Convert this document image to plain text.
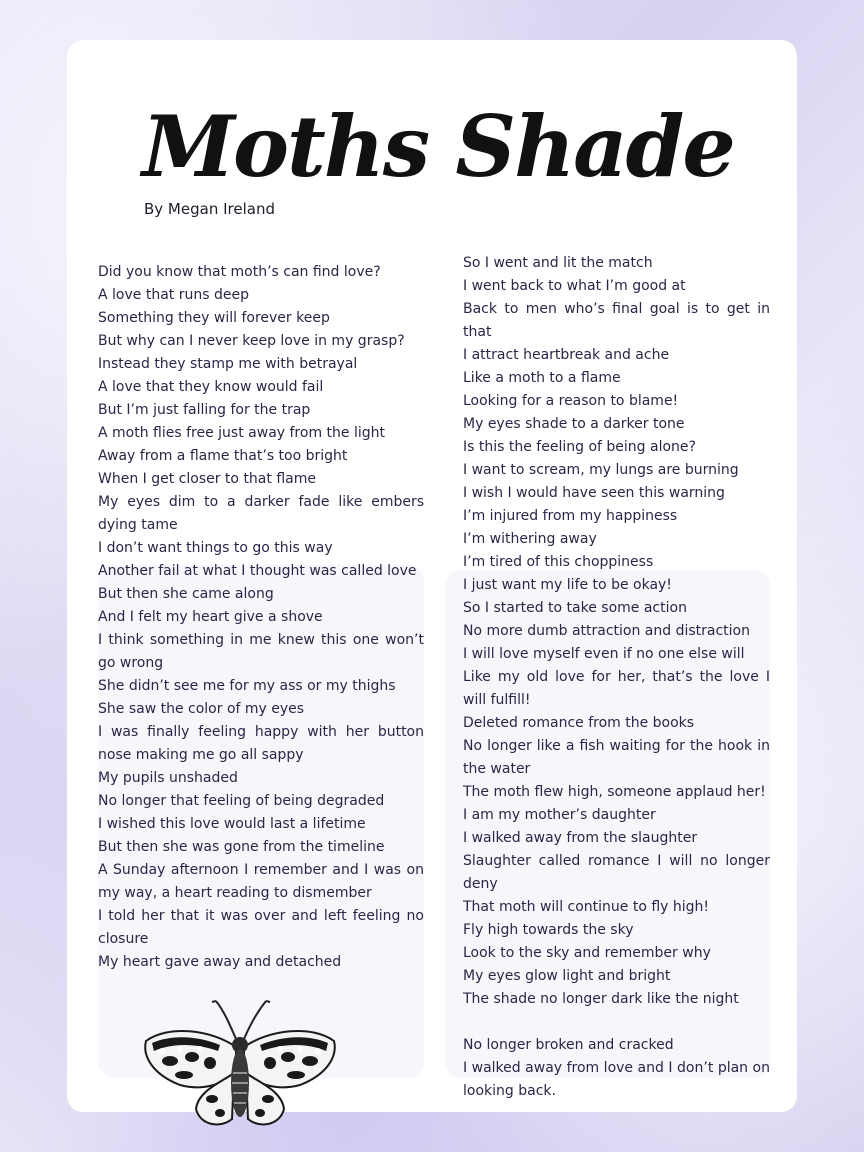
Moths Shade
By Megan Ireland
Did you know that moth’s can find love?
A love that runs deep
Something they will forever keep
But why can I never keep love in my grasp?
Instead they stamp me with betrayal
A love that they know would fail
But I’m just falling for the trap
A moth flies free just away from the light
Away from a flame that’s too bright
When I get closer to that flame
My eyes dim to a darker fade like embers dying tame
I don’t want things to go this way
Another fail at what I thought was called love
But then she came along
And I felt my heart give a shove
I think something in me knew this one won’t go wrong
She didn’t see me for my ass or my thighs
She saw the color of my eyes
I was finally feeling happy with her button nose making me go all sappy
My pupils unshaded
No longer that feeling of being degraded
I wished this love would last a lifetime
But then she was gone from the timeline
A Sunday afternoon I remember and I was on my way, a heart reading to dismember
I told her that it was over and left feeling no closure
My heart gave away and detached
So I went and lit the match
I went back to what I’m good at
Back to men who’s final goal is to get in that
I attract heartbreak and ache
Like a moth to a flame
Looking for a reason to blame!
My eyes shade to a darker tone
Is this the feeling of being alone?
I want to scream, my lungs are burning
I wish I would have seen this warning
I’m injured from my happiness
I’m withering away
I’m tired of this choppiness
I just want my life to be okay!
So I started to take some action
No more dumb attraction and distraction
I will love myself even if no one else will
Like my old love for her, that’s the love I will fulfill!
Deleted romance from the books
No longer like a fish waiting for the hook in the water
The moth flew high, someone applaud her!
I am my mother’s daughter
I walked away from the slaughter
Slaughter called romance I will no longer deny
That moth will continue to fly high!
Fly high towards the sky
Look to the sky and remember why
My eyes glow light and bright
The shade no longer dark like the night
No longer broken and cracked
I walked away from love and I don’t plan on looking back.
